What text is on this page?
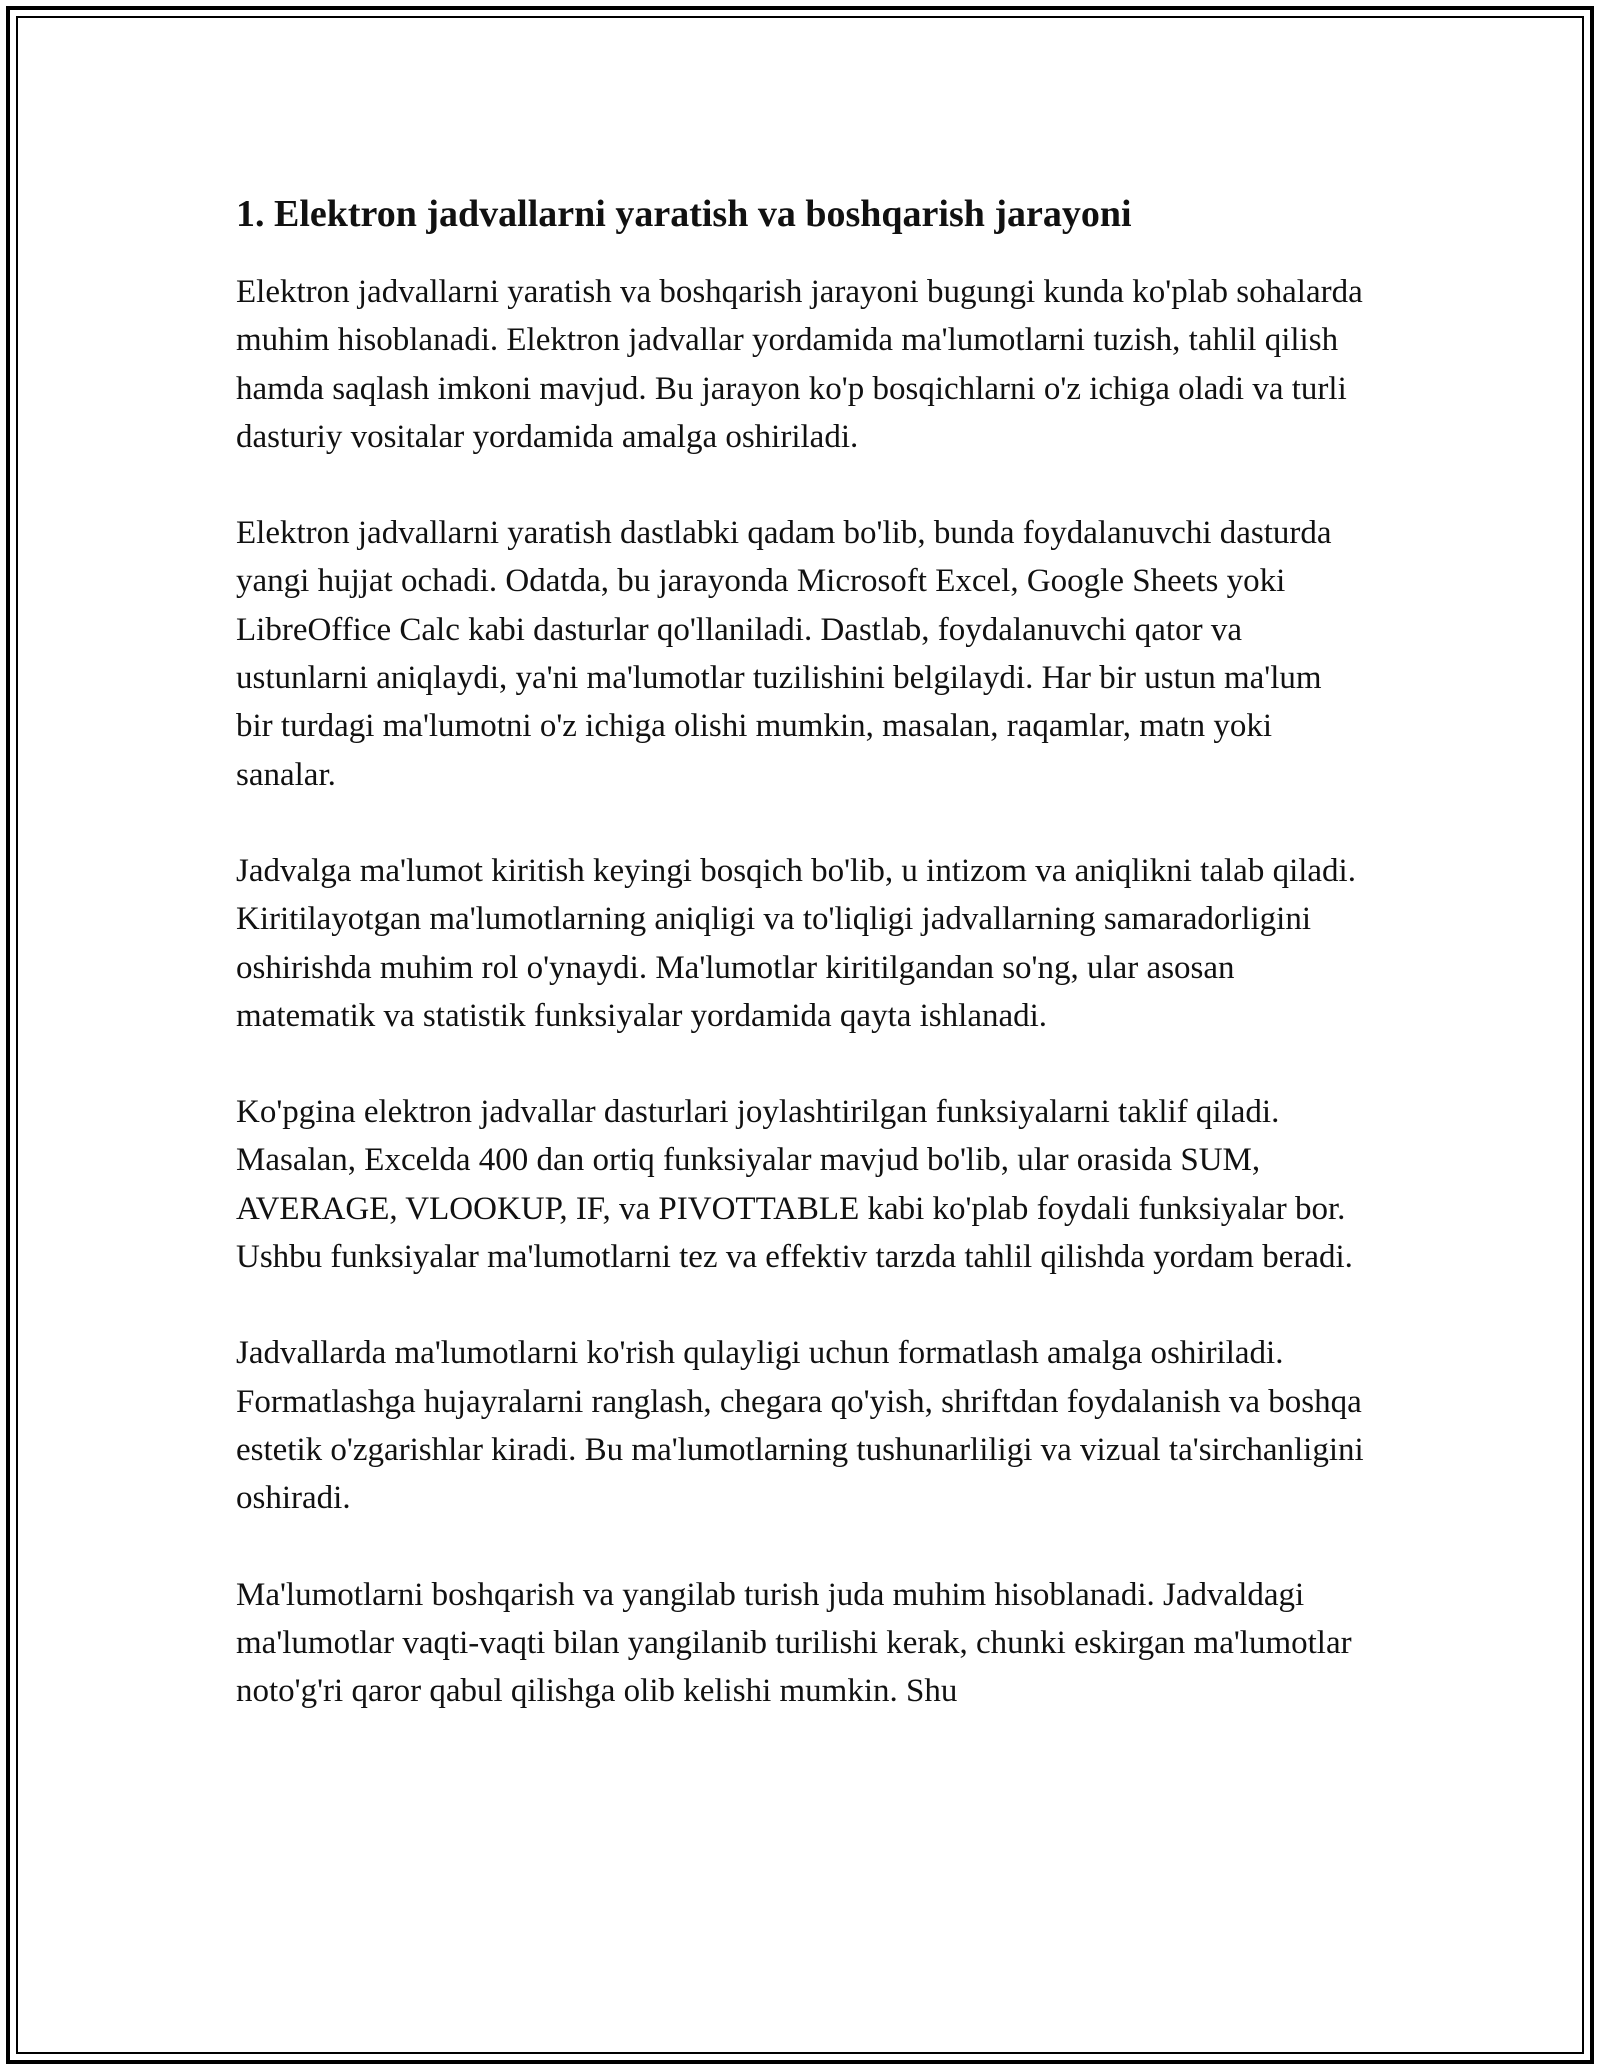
1. Elektron jadvallarni yaratish va boshqarish jarayoni

Elektron jadvallarni yaratish va boshqarish jarayoni bugungi kunda ko'plab sohalarda muhim hisoblanadi. Elektron jadvallar yordamida ma'lumotlarni tuzish, tahlil qilish hamda saqlash imkoni mavjud. Bu jarayon ko'p bosqichlarni o'z ichiga oladi va turli dasturiy vositalar yordamida amalga oshiriladi.

Elektron jadvallarni yaratish dastlabki qadam bo'lib, bunda foydalanuvchi dasturda yangi hujjat ochadi. Odatda, bu jarayonda Microsoft Excel, Google Sheets yoki LibreOffice Calc kabi dasturlar qo'llaniladi. Dastlab, foydalanuvchi qator va ustunlarni aniqlaydi, ya'ni ma'lumotlar tuzilishini belgilaydi. Har bir ustun ma'lum bir turdagi ma'lumotni o'z ichiga olishi mumkin, masalan, raqamlar, matn yoki sanalar.

Jadvalga ma'lumot kiritish keyingi bosqich bo'lib, u intizom va aniqlikni talab qiladi. Kiritilayotgan ma'lumotlarning aniqligi va to'liqligi jadvallarning samaradorligini oshirishda muhim rol o'ynaydi. Ma'lumotlar kiritilgandan so'ng, ular asosan matematik va statistik funksiyalar yordamida qayta ishlanadi.

Ko'pgina elektron jadvallar dasturlari joylashtirilgan funksiyalarni taklif qiladi. Masalan, Excelda 400 dan ortiq funksiyalar mavjud bo'lib, ular orasida SUM, AVERAGE, VLOOKUP, IF, va PIVOTTABLE kabi ko'plab foydali funksiyalar bor. Ushbu funksiyalar ma'lumotlarni tez va effektiv tarzda tahlil qilishda yordam beradi.

Jadvallarda ma'lumotlarni ko'rish qulayligi uchun formatlash amalga oshiriladi. Formatlashga hujayralarni ranglash, chegara qo'yish, shriftdan foydalanish va boshqa estetik o'zgarishlar kiradi. Bu ma'lumotlarning tushunarliligi va vizual ta'sirchanligini oshiradi.

Ma'lumotlarni boshqarish va yangilab turish juda muhim hisoblanadi. Jadvaldagi ma'lumotlar vaqti-vaqti bilan yangilanib turilishi kerak, chunki eskirgan ma'lumotlar noto'g'ri qaror qabul qilishga olib kelishi mumkin. Shu
